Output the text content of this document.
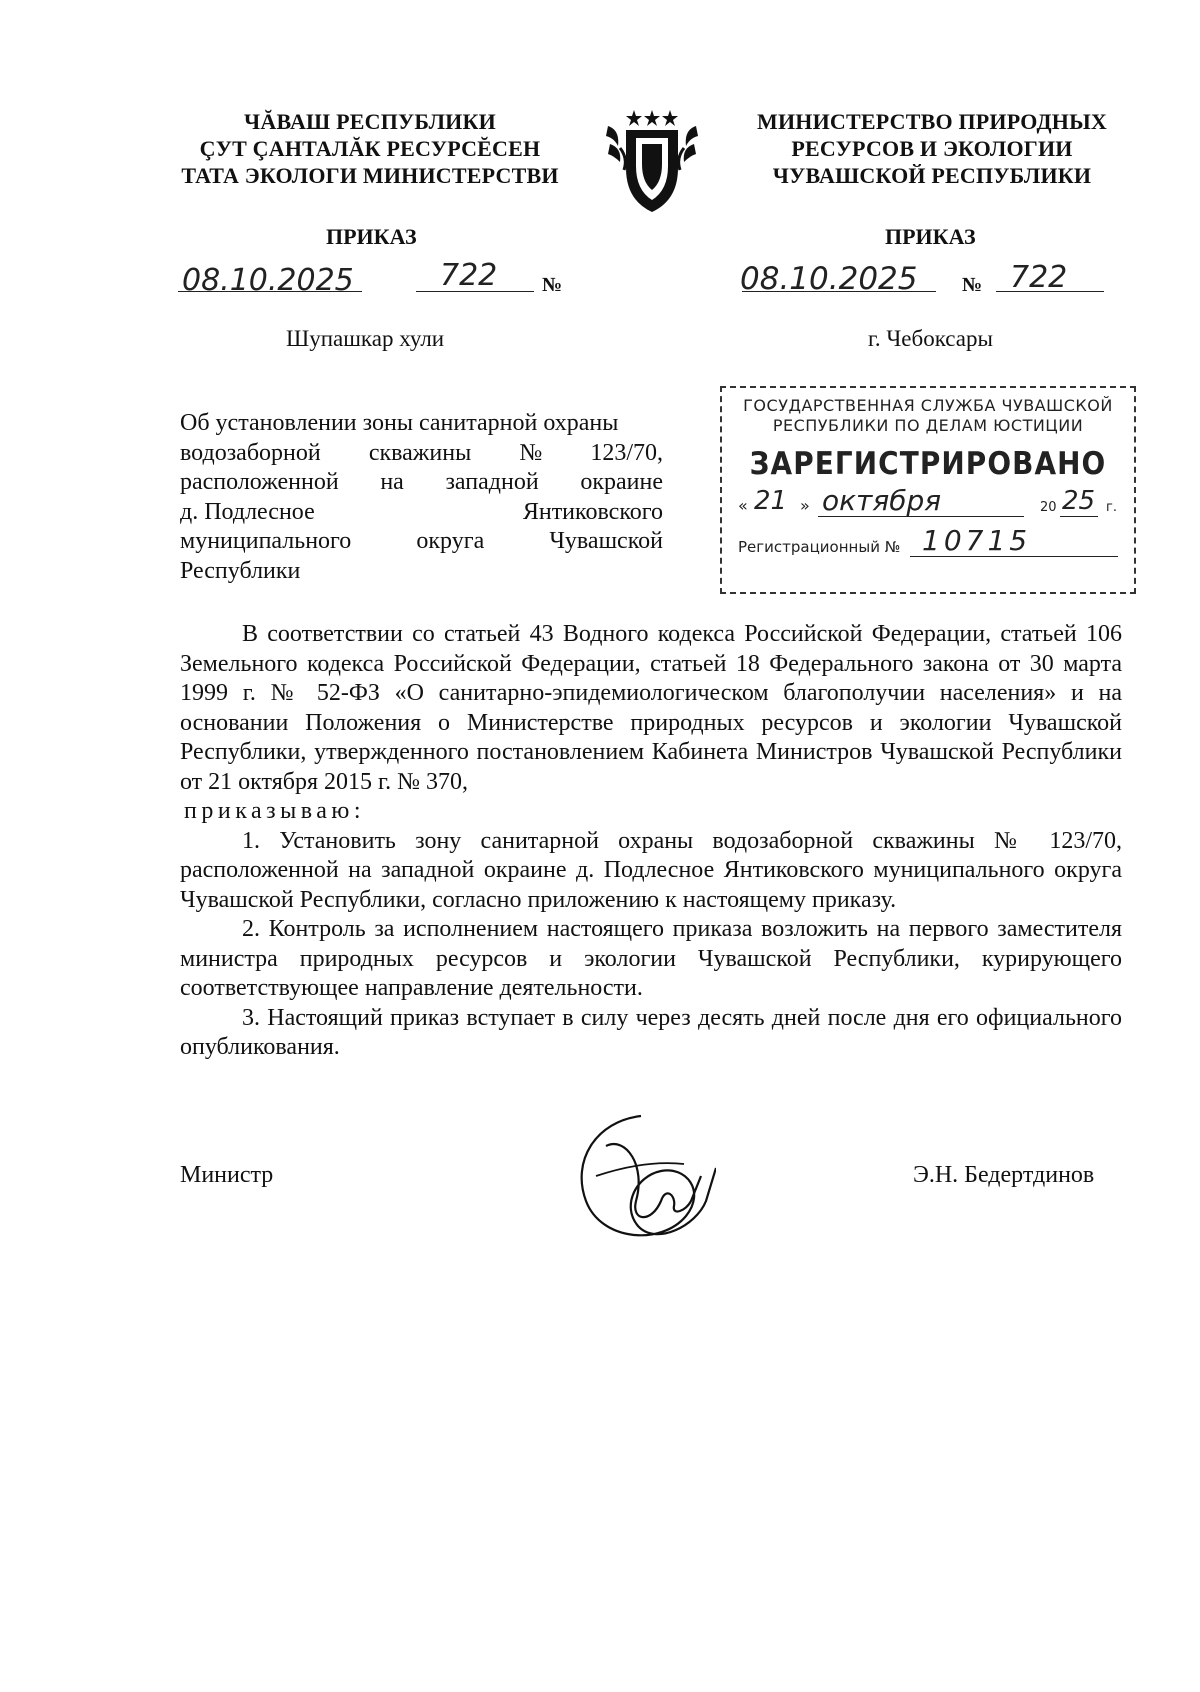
ЧĂВАШ РЕСПУБЛИКИ
ÇУТ ÇАНТАЛĂК РЕСУРСĔСЕН
ТАТА ЭКОЛОГИ МИНИСТЕРСТВИ
МИНИСТЕРСТВО ПРИРОДНЫХ
РЕСУРСОВ И ЭКОЛОГИИ
ЧУВАШСКОЙ РЕСПУБЛИКИ
ПРИКАЗ	ПРИКАЗ
08.10.2025	722 №	08.10.2025 № 722
Шупашкар хули	г. Чебоксары
Об установлении зоны санитарной охраны
водозаборной скважины № 123/70,
расположенной на западной окраине
д. Подлесное	Янтиковского
муниципального	округа	Чувашской
Республики
ГОСУДАРСТВЕННАЯ СЛУЖБА ЧУВАШСКОЙ
РЕСПУБЛИКИ ПО ДЕЛАМ ЮСТИЦИИ
ЗАРЕГИСТРИРОВАНО
« 21 » октября	20 25 г.
Регистрационный № 10715

В соответствии со статьей 43 Водного кодекса Российской Федерации, статьей 106 Земельного кодекса Российской Федерации, статьей 18 Федерального закона от 30 марта 1999 г. № 52-ФЗ «О санитарно-эпидемиологическом благополучии населения» и на основании Положения о Министерстве природных ресурсов и экологии Чувашской Республики, утвержденного постановлением Кабинета Министров Чувашской Республики от 21 октября 2015 г. № 370,

приказываю:

1. Установить зону санитарной охраны водозаборной скважины № 123/70, расположенной на западной окраине д. Подлесное Янтиковского муниципального округа Чувашской Республики, согласно приложению к настоящему приказу.

2. Контроль за исполнением настоящего приказа возложить на первого заместителя министра природных ресурсов и экологии Чувашской Республики, курирующего соответствующее направление деятельности.

3. Настоящий приказ вступает в силу через десять дней после дня его официального опубликования.

Министр	Э.Н. Бедертдинов
